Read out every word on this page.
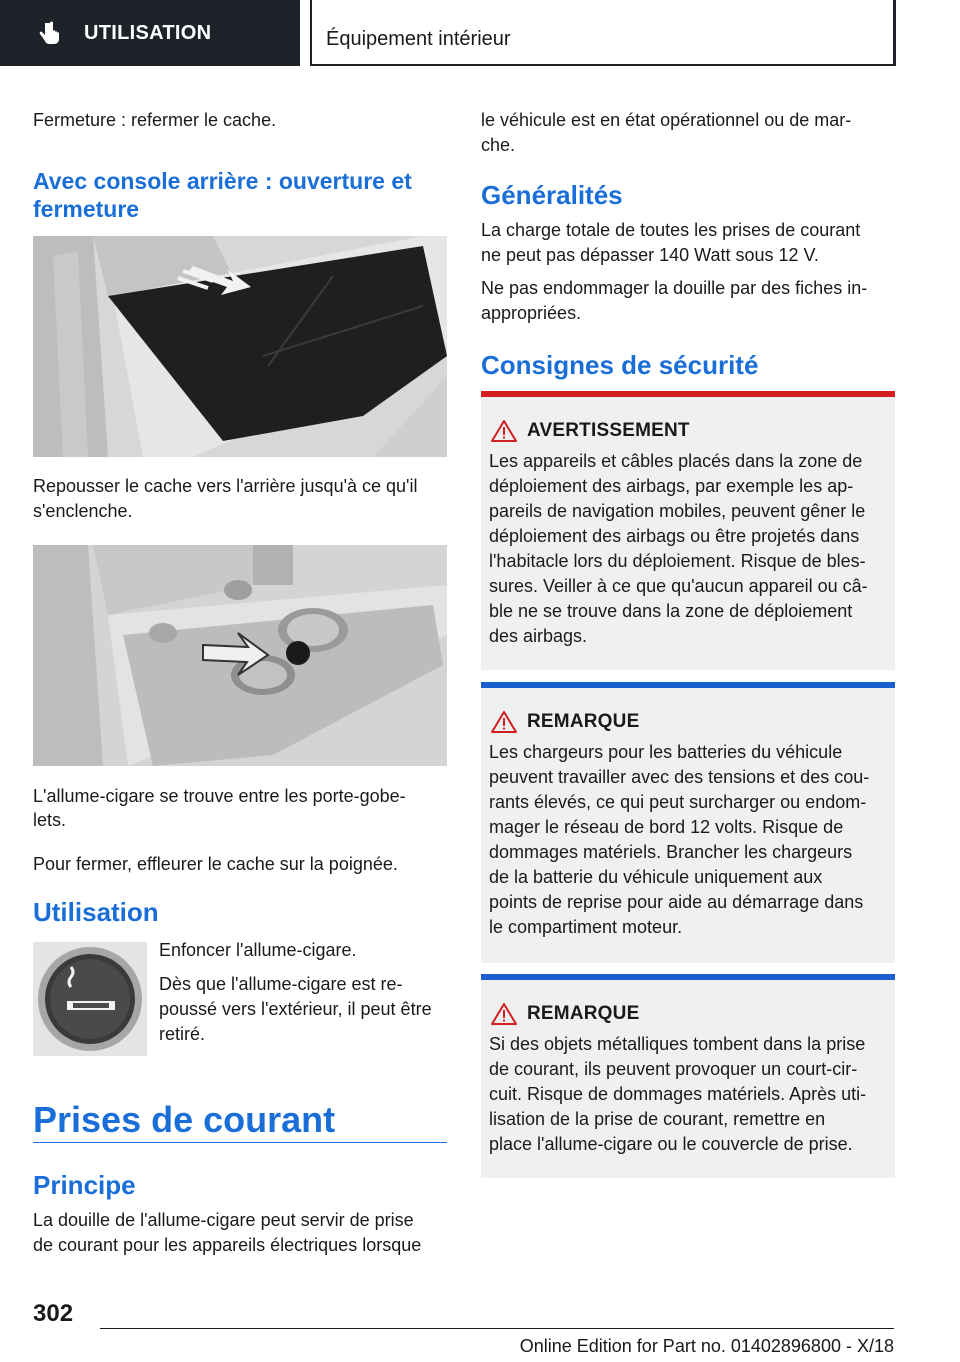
UTILISATION	Équipement intérieur

Fermeture : refermer le cache.

Avec console arrière : ouverture et fermeture

Repousser le cache vers l'arrière jusqu'à ce qu'il

s'enclenche.

L'allume-cigare se trouve entre les porte-gobe-

lets.

Pour fermer, effleurer le cache sur la poignée.

Utilisation

Enfoncer l'allume-cigare.

Dès que l'allume-cigare est re-

poussé vers l'extérieur, il peut être

retiré.

Prises de courant
Principe

La douille de l'allume-cigare peut servir de prise

de courant pour les appareils électriques lorsque

le véhicule est en état opérationnel ou de mar-

che.

Généralités

La charge totale de toutes les prises de courant

ne peut pas dépasser 140 Watt sous 12 V.

Ne pas endommager la douille par des fiches in-

appropriées.

Consignes de sécurité
AVERTISSEMENT
Les appareils et câbles placés dans la zone de
déploiement des airbags, par exemple les ap-
pareils de navigation mobiles, peuvent gêner le
déploiement des airbags ou être projetés dans
l'habitacle lors du déploiement. Risque de bles-
sures. Veiller à ce que qu'aucun appareil ou câ-
ble ne se trouve dans la zone de déploiement
des airbags.
REMARQUE
Les chargeurs pour les batteries du véhicule
peuvent travailler avec des tensions et des cou-
rants élevés, ce qui peut surcharger ou endom-
mager le réseau de bord 12 volts. Risque de
dommages matériels. Brancher les chargeurs
de la batterie du véhicule uniquement aux
points de reprise pour aide au démarrage dans
le compartiment moteur.
REMARQUE
Si des objets métalliques tombent dans la prise
de courant, ils peuvent provoquer un court-cir-
cuit. Risque de dommages matériels. Après uti-
lisation de la prise de courant, remettre en
place l'allume-cigare ou le couvercle de prise.
302
Online Edition for Part no. 01402896800 - X/18
